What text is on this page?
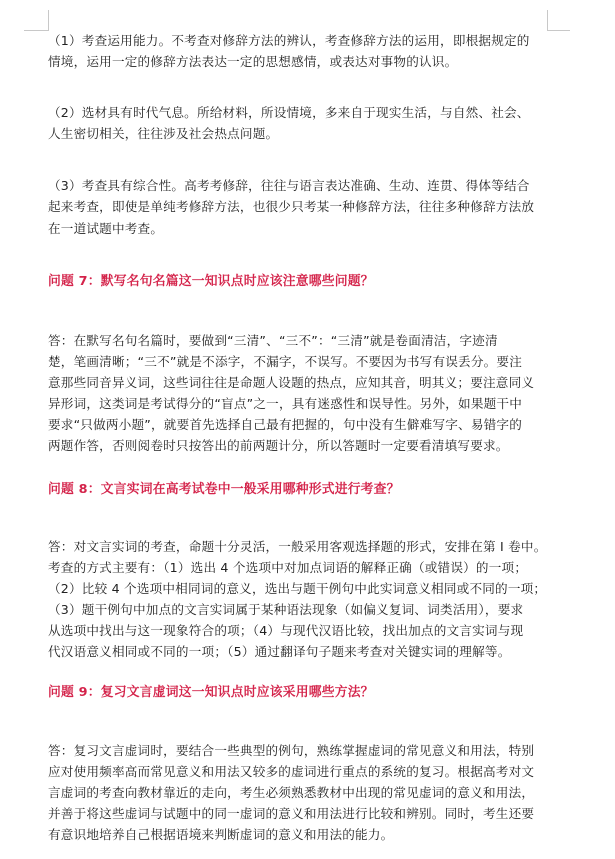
（1）考查运用能力。不考查对修辞方法的辨认，考查修辞方法的运用，即根据规定的
情境，运用一定的修辞方法表达一定的思想感情，或表达对事物的认识。
（2）选材具有时代气息。所给材料，所设情境，多来自于现实生活，与自然、社会、
人生密切相关，往往涉及社会热点问题。
（3）考查具有综合性。高考考修辞，往往与语言表达准确、生动、连贯、得体等结合
起来考查，即使是单纯考修辞方法，也很少只考某一种修辞方法，往往多种修辞方法放
在一道试题中考查。
问题 7：默写名句名篇这一知识点时应该注意哪些问题？
答：在默写名句名篇时，要做到“三清”、“三不”：“三清”就是卷面清洁，字迹清
楚，笔画清晰；“三不”就是不添字，不漏字，不误写。不要因为书写有误丢分。要注
意那些同音异义词，这些词往往是命题人设题的热点，应知其音，明其义；要注意同义
异形词，这类词是考试得分的“盲点”之一，具有迷惑性和误导性。另外，如果题干中
要求“只做两小题”，就要首先选择自己最有把握的，句中没有生僻难写字、易错字的
两题作答，否则阅卷时只按答出的前两题计分，所以答题时一定要看清填写要求。
问题 8：文言实词在高考试卷中一般采用哪种形式进行考查？
答：对文言实词的考查，命题十分灵活，一般采用客观选择题的形式，安排在第 I 卷中。
考查的方式主要有：（1）选出 4 个选项中对加点词语的解释正确（或错误）的一项；
（2）比较 4 个选项中相同词的意义，选出与题干例句中此实词意义相同或不同的一项；
（3）题干例句中加点的文言实词属于某种语法现象（如偏义复词、词类活用），要求
从选项中找出与这一现象符合的项；（4）与现代汉语比较，找出加点的文言实词与现
代汉语意义相同或不同的一项；（5）通过翻译句子题来考查对关键实词的理解等。
问题 9：复习文言虚词这一知识点时应该采用哪些方法？
答：复习文言虚词时，要结合一些典型的例句，熟练掌握虚词的常见意义和用法，特别
应对使用频率高而常见意义和用法又较多的虚词进行重点的系统的复习。根据高考对文
言虚词的考查向教材靠近的走向，考生必须熟悉教材中出现的常见虚词的意义和用法，
并善于将这些虚词与试题中的同一虚词的意义和用法进行比较和辨别。同时，考生还要
有意识地培养自己根据语境来判断虚词的意义和用法的能力。
